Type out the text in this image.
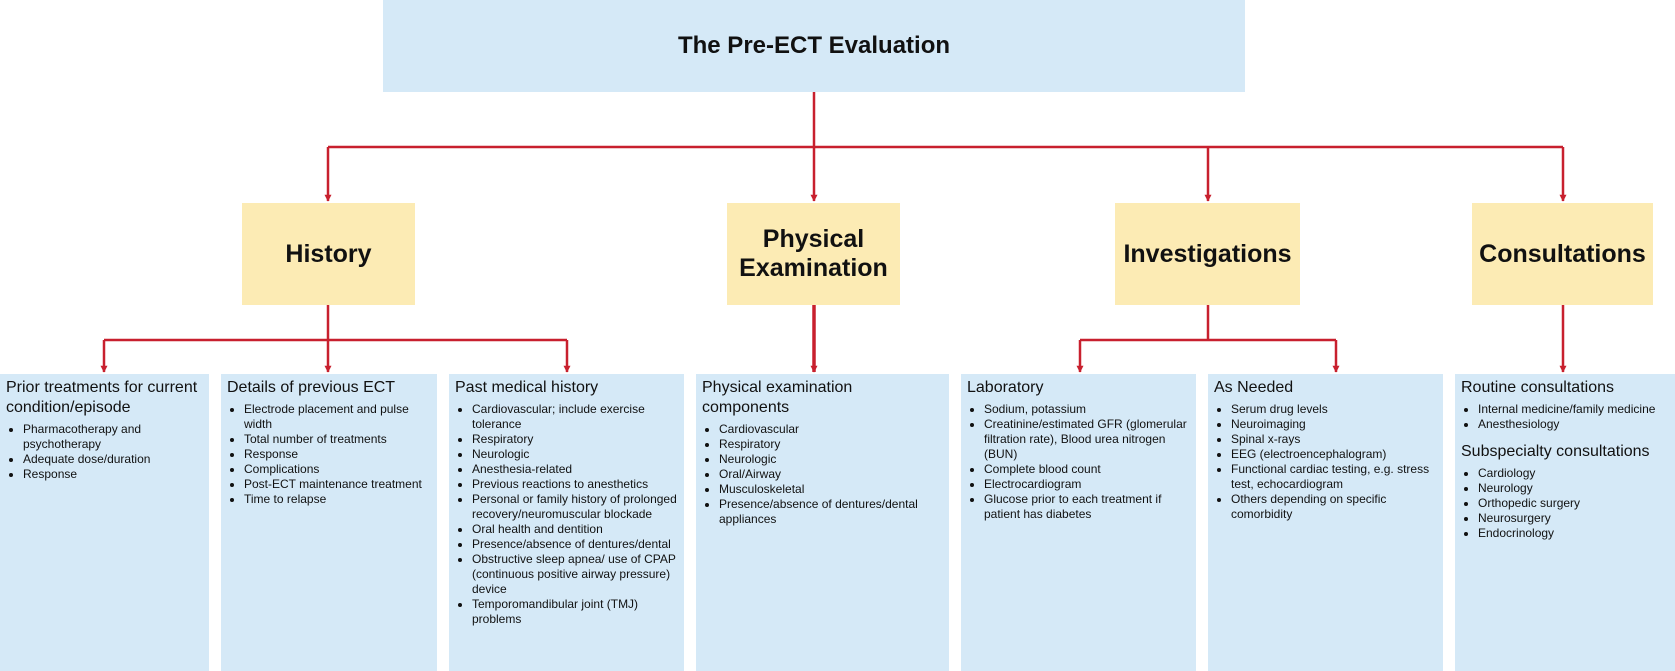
The Pre-ECT Evaluation
History
Physical
Examination
Investigations	Consultations
Prior treatments for current condition/episode
• Pharmacotherapy and psychotherapy
• Adequate dose/duration
• Response
Details of previous ECT
• Electrode placement and pulse width
• Total number of treatments
• Response
• Complications
• Post-ECT maintenance treatment
• Time to relapse
Past medical history
• Cardiovascular; include exercise tolerance
• Respiratory
• Neurologic
• Anesthesia-related
• Previous reactions to anesthetics
• Personal or family history of prolonged recovery/neuromuscular blockade
• Oral health and dentition
• Presence/absence of dentures/dental
• Obstructive sleep apnea/ use of CPAP (continuous positive airway pressure) device
• Temporomandibular joint (TMJ) problems
Physical examination components
• Cardiovascular
• Respiratory
• Neurologic
• Oral/Airway
• Musculoskeletal
• Presence/absence of dentures/dental appliances
Laboratory
• Sodium, potassium
• Creatinine/estimated GFR (glomerular filtration rate), Blood urea nitrogen (BUN)
• Complete blood count
• Electrocardiogram
• Glucose prior to each treatment if patient has diabetes
As Needed
• Serum drug levels
• Neuroimaging
• Spinal x-rays
• EEG (electroencephalogram)
• Functional cardiac testing, e.g. stress test, echocardiogram
• Others depending on specific comorbidity
Routine consultations
• Internal medicine/family medicine
• Anesthesiology
Subspecialty consultations
• Cardiology
• Neurology
• Orthopedic surgery
• Neurosurgery
• Endocrinology
